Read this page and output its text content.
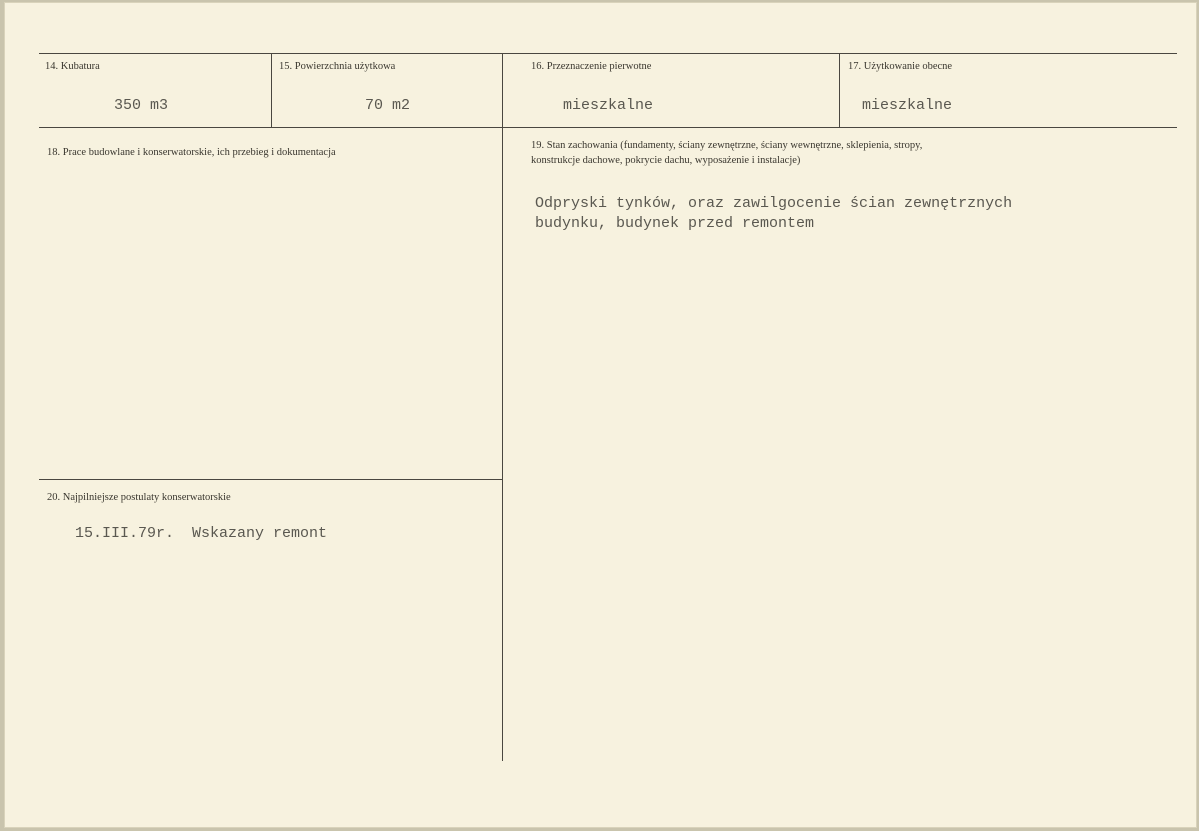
14. Kubatura
350 m3
15. Powierzchnia użytkowa
70 m2
16. Przeznaczenie pierwotne
mieszkalne
17. Użytkowanie obecne
mieszkalne
18. Prace budowlane i konserwatorskie, ich przebieg i dokumentacja
19. Stan zachowania (fundamenty, ściany zewnętrzne, ściany wewnętrzne, sklepienia, stropy,
konstrukcje dachowe, pokrycie dachu, wyposażenie i instalacje)
Odpryski tynków, oraz zawilgocenie ścian zewnętrznych
budynku, budynek przed remontem
20. Najpilniejsze postulaty konserwatorskie
15.III.79r.  Wskazany remont
